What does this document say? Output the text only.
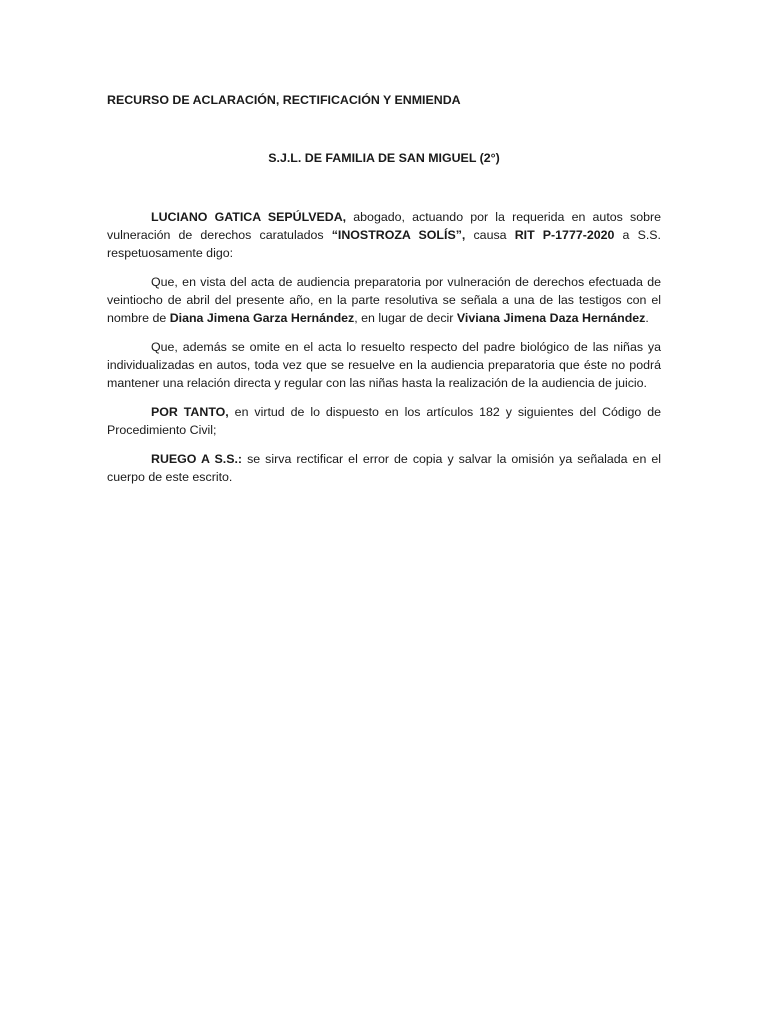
RECURSO DE ACLARACIÓN, RECTIFICACIÓN Y ENMIENDA
S.J.L. DE FAMILIA DE SAN MIGUEL (2°)

LUCIANO GATICA SEPÚLVEDA, abogado, actuando por la requerida en autos sobre vulneración de derechos caratulados “INOSTROZA SOLÍS”, causa RIT P-1777-2020 a S.S. respetuosamente digo:

Que, en vista del acta de audiencia preparatoria por vulneración de derechos efectuada de veintiocho de abril del presente año, en la parte resolutiva se señala a una de las testigos con el nombre de Diana Jimena Garza Hernández, en lugar de decir Viviana Jimena Daza Hernández.

Que, además se omite en el acta lo resuelto respecto del padre biológico de las niñas ya individualizadas en autos, toda vez que se resuelve en la audiencia preparatoria que éste no podrá mantener una relación directa y regular con las niñas hasta la realización de la audiencia de juicio.

POR TANTO, en virtud de lo dispuesto en los artículos 182 y siguientes del Código de Procedimiento Civil;

RUEGO A S.S.: se sirva rectificar el error de copia y salvar la omisión ya señalada en el cuerpo de este escrito.
